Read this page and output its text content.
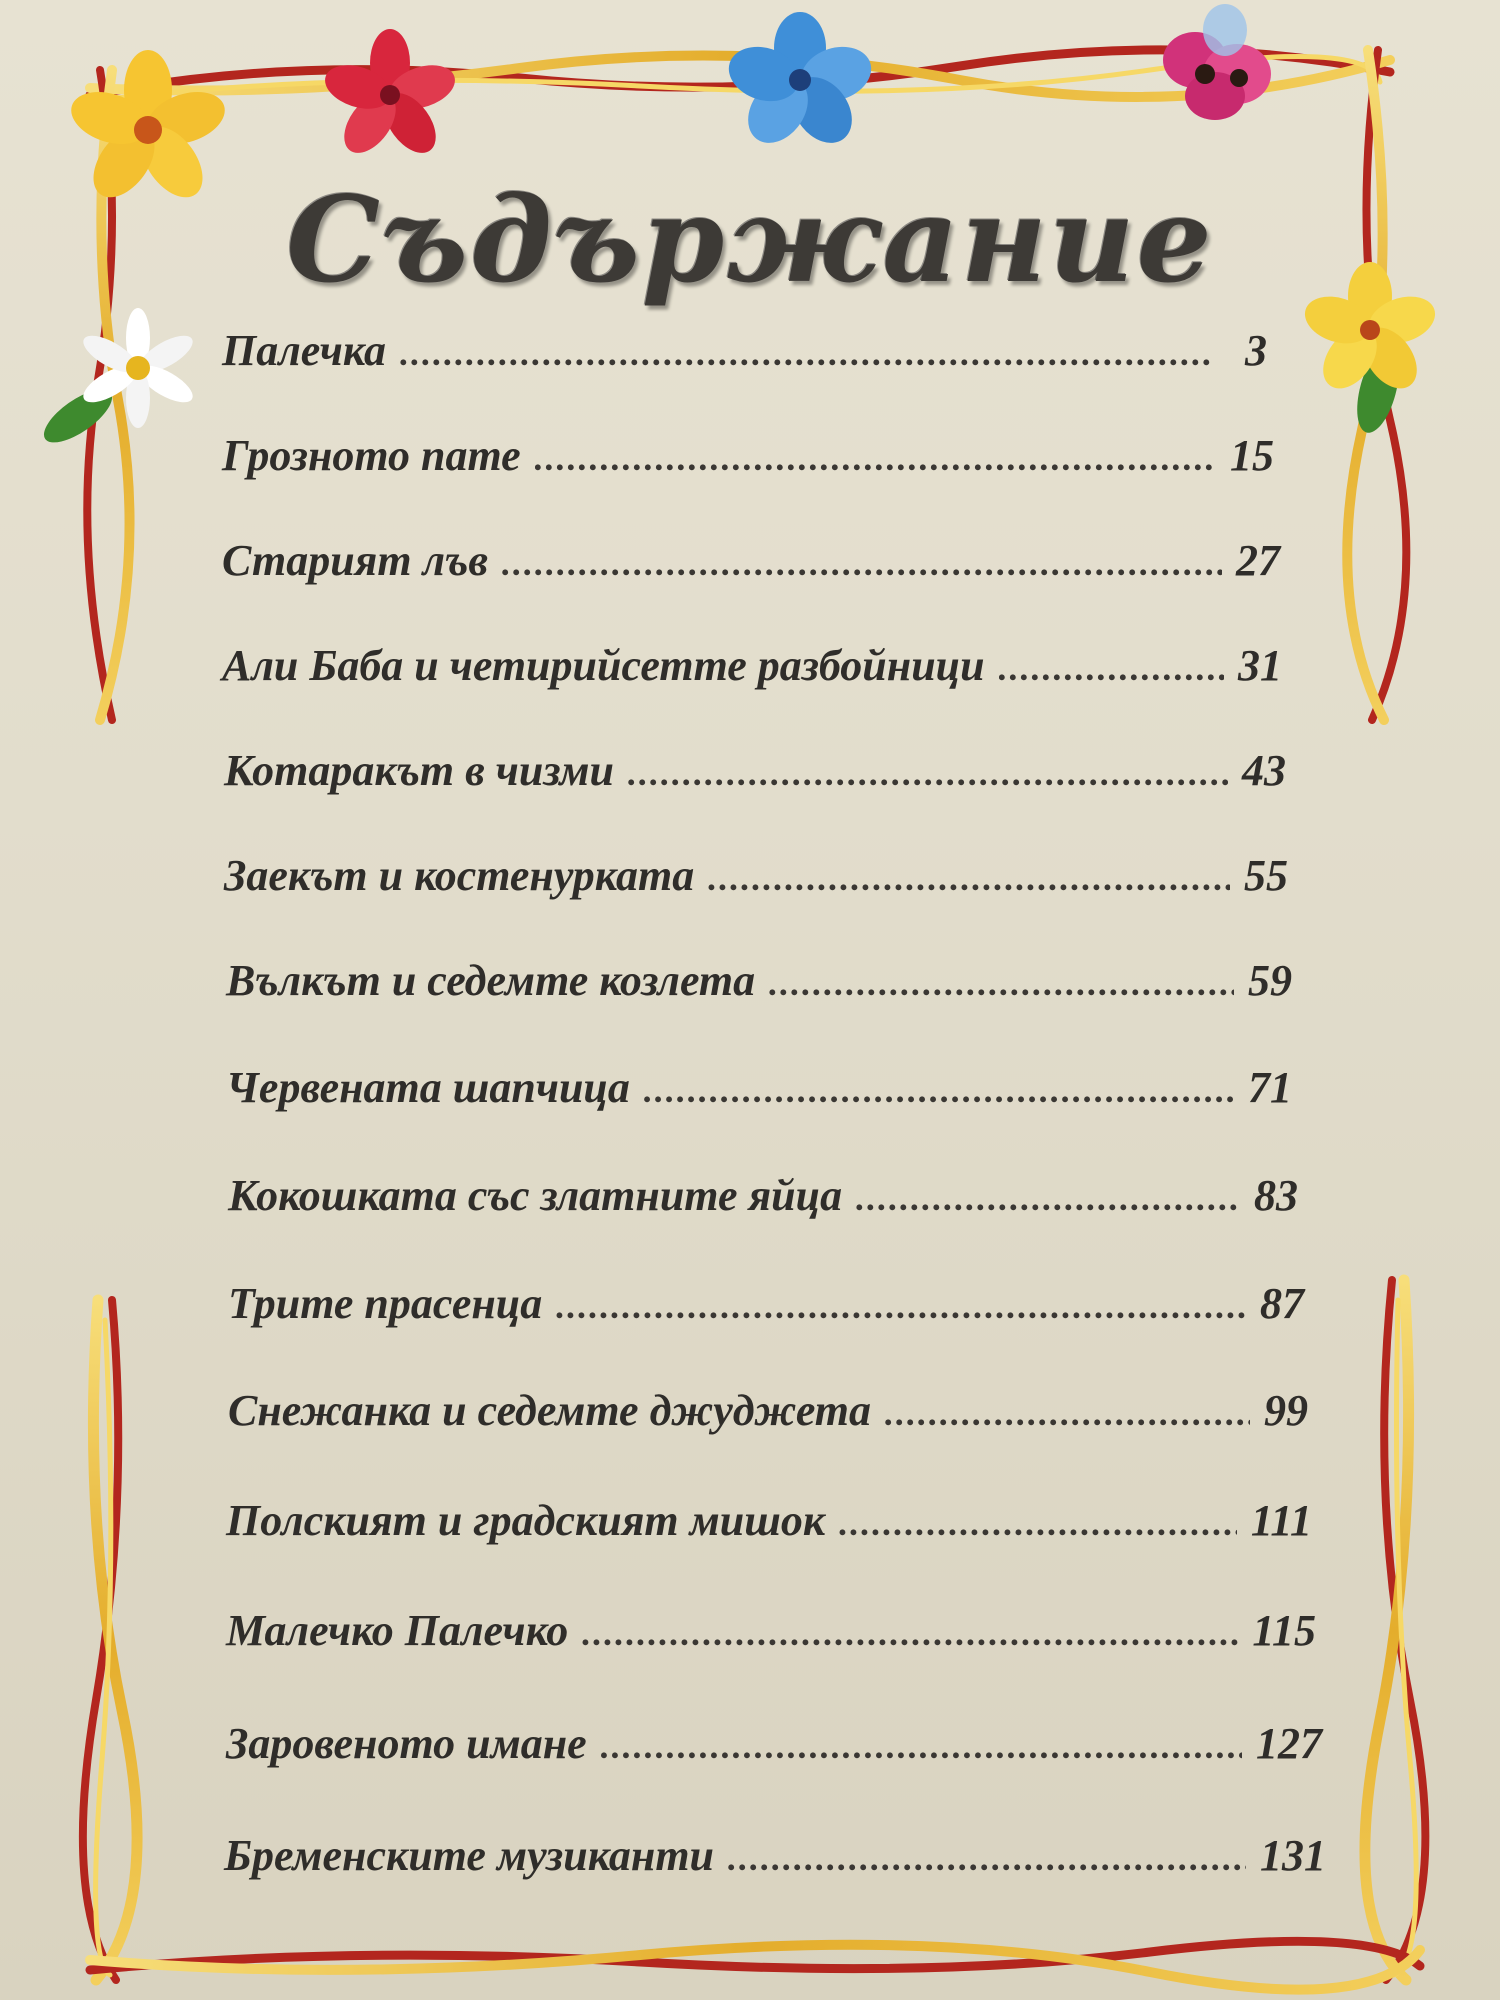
Съдържание
Палечка .....	3
Грозното пате .....	15
Старият лъв .....	27
Али Баба и четирийсетте разбойници .....	31
Котаракът в чизми .....	43
Заекът и костенурката .....	55
Вълкът и седемте козлета .....	59
Червената шапчица .....	71
Кокошката със златните яйца .....	83
Трите прасенца .....	87
Снежанка и седемте джуджета .....	99
Полският и градският мишок .....	111
Малечко Палечко .....	115
Заровеното имане .....	127
Бременските музиканти .....	131
